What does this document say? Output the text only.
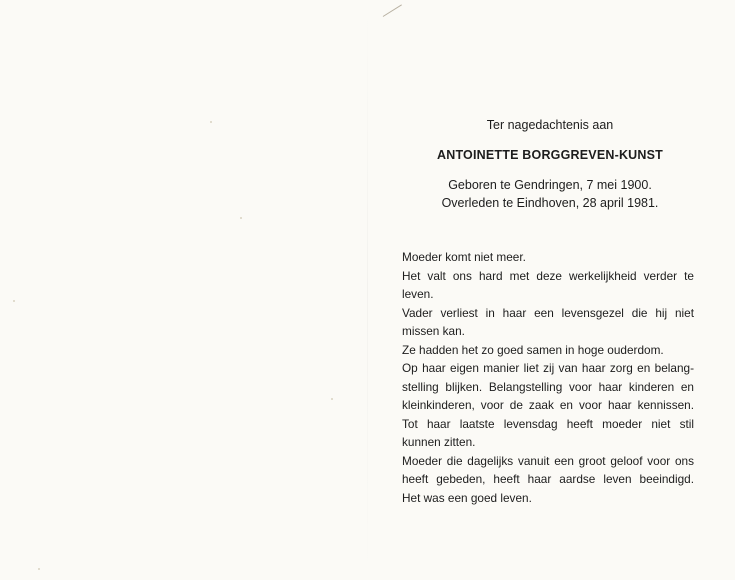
Ter nagedachtenis aan
ANTOINETTE BORGGREVEN-KUNST
Geboren te Gendringen, 7 mei 1900.
Overleden te Eindhoven, 28 april 1981.
Moeder komt niet meer.
Het valt ons hard met deze werkelijkheid verder te
leven.
Vader verliest in haar een levensgezel die hij niet
missen kan.
Ze hadden het zo goed samen in hoge ouderdom.
Op haar eigen manier liet zij van haar zorg en belang-
stelling blijken. Belangstelling voor haar kinderen en
kleinkinderen, voor de zaak en voor haar kennissen.
Tot haar laatste levensdag heeft moeder niet stil
kunnen zitten.
Moeder die dagelijks vanuit een groot geloof voor ons
heeft gebeden, heeft haar aardse leven beeindigd.
Het was een goed leven.
